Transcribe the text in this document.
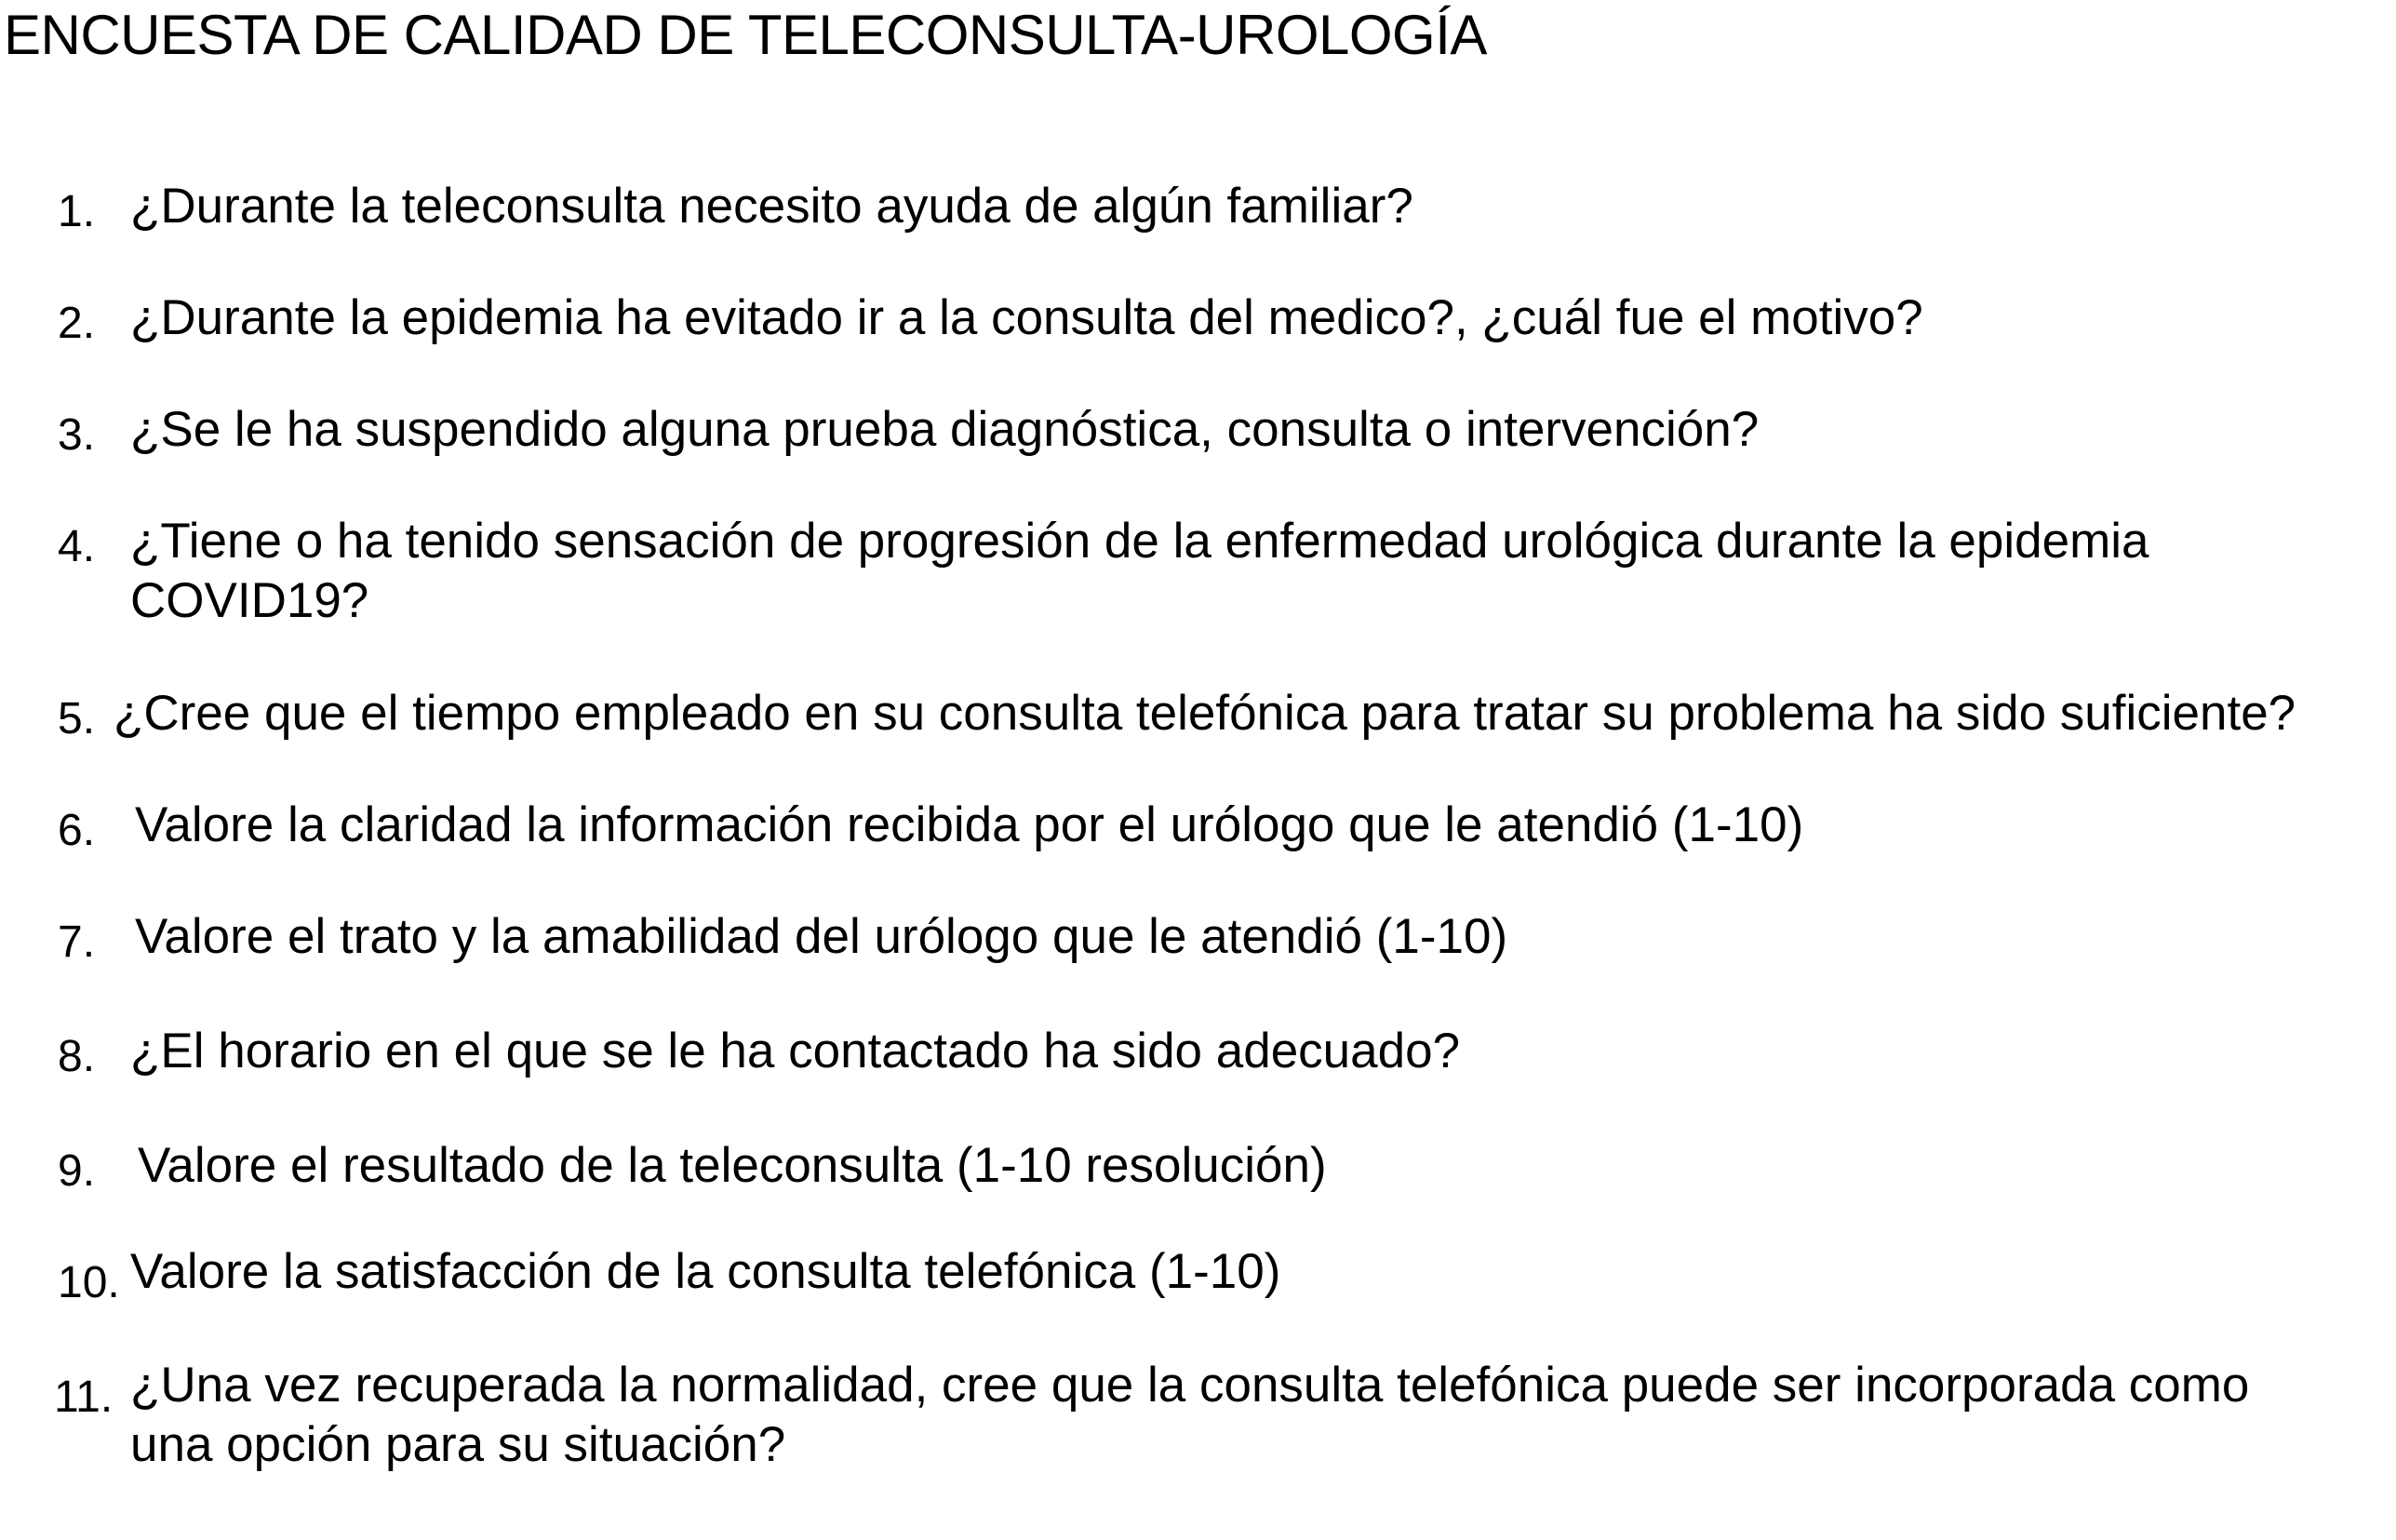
ENCUESTA DE CALIDAD DE TELECONSULTA-UROLOGÍA
1. ¿Durante la teleconsulta necesito ayuda de algún familiar?
2. ¿Durante la epidemia ha evitado ir a la consulta del medico?, ¿cuál fue el motivo?
3. ¿Se le ha suspendido alguna prueba diagnóstica, consulta o intervención?
4. ¿Tiene o ha tenido sensación de progresión de la enfermedad urológica durante la epidemia
COVID19?
5. ¿Cree que el tiempo empleado en su consulta telefónica para tratar su problema ha sido suficiente?
6. Valore la claridad la información recibida por el urólogo que le atendió (1-10)
7. Valore el trato y la amabilidad del urólogo que le atendió (1-10)
8. ¿El horario en el que se le ha contactado ha sido adecuado?
9. Valore el resultado de la teleconsulta (1-10 resolución)
10. Valore la satisfacción de la consulta telefónica (1-10)
11. ¿Una vez recuperada la normalidad, cree que la consulta telefónica puede ser incorporada como
una opción para su situación?
